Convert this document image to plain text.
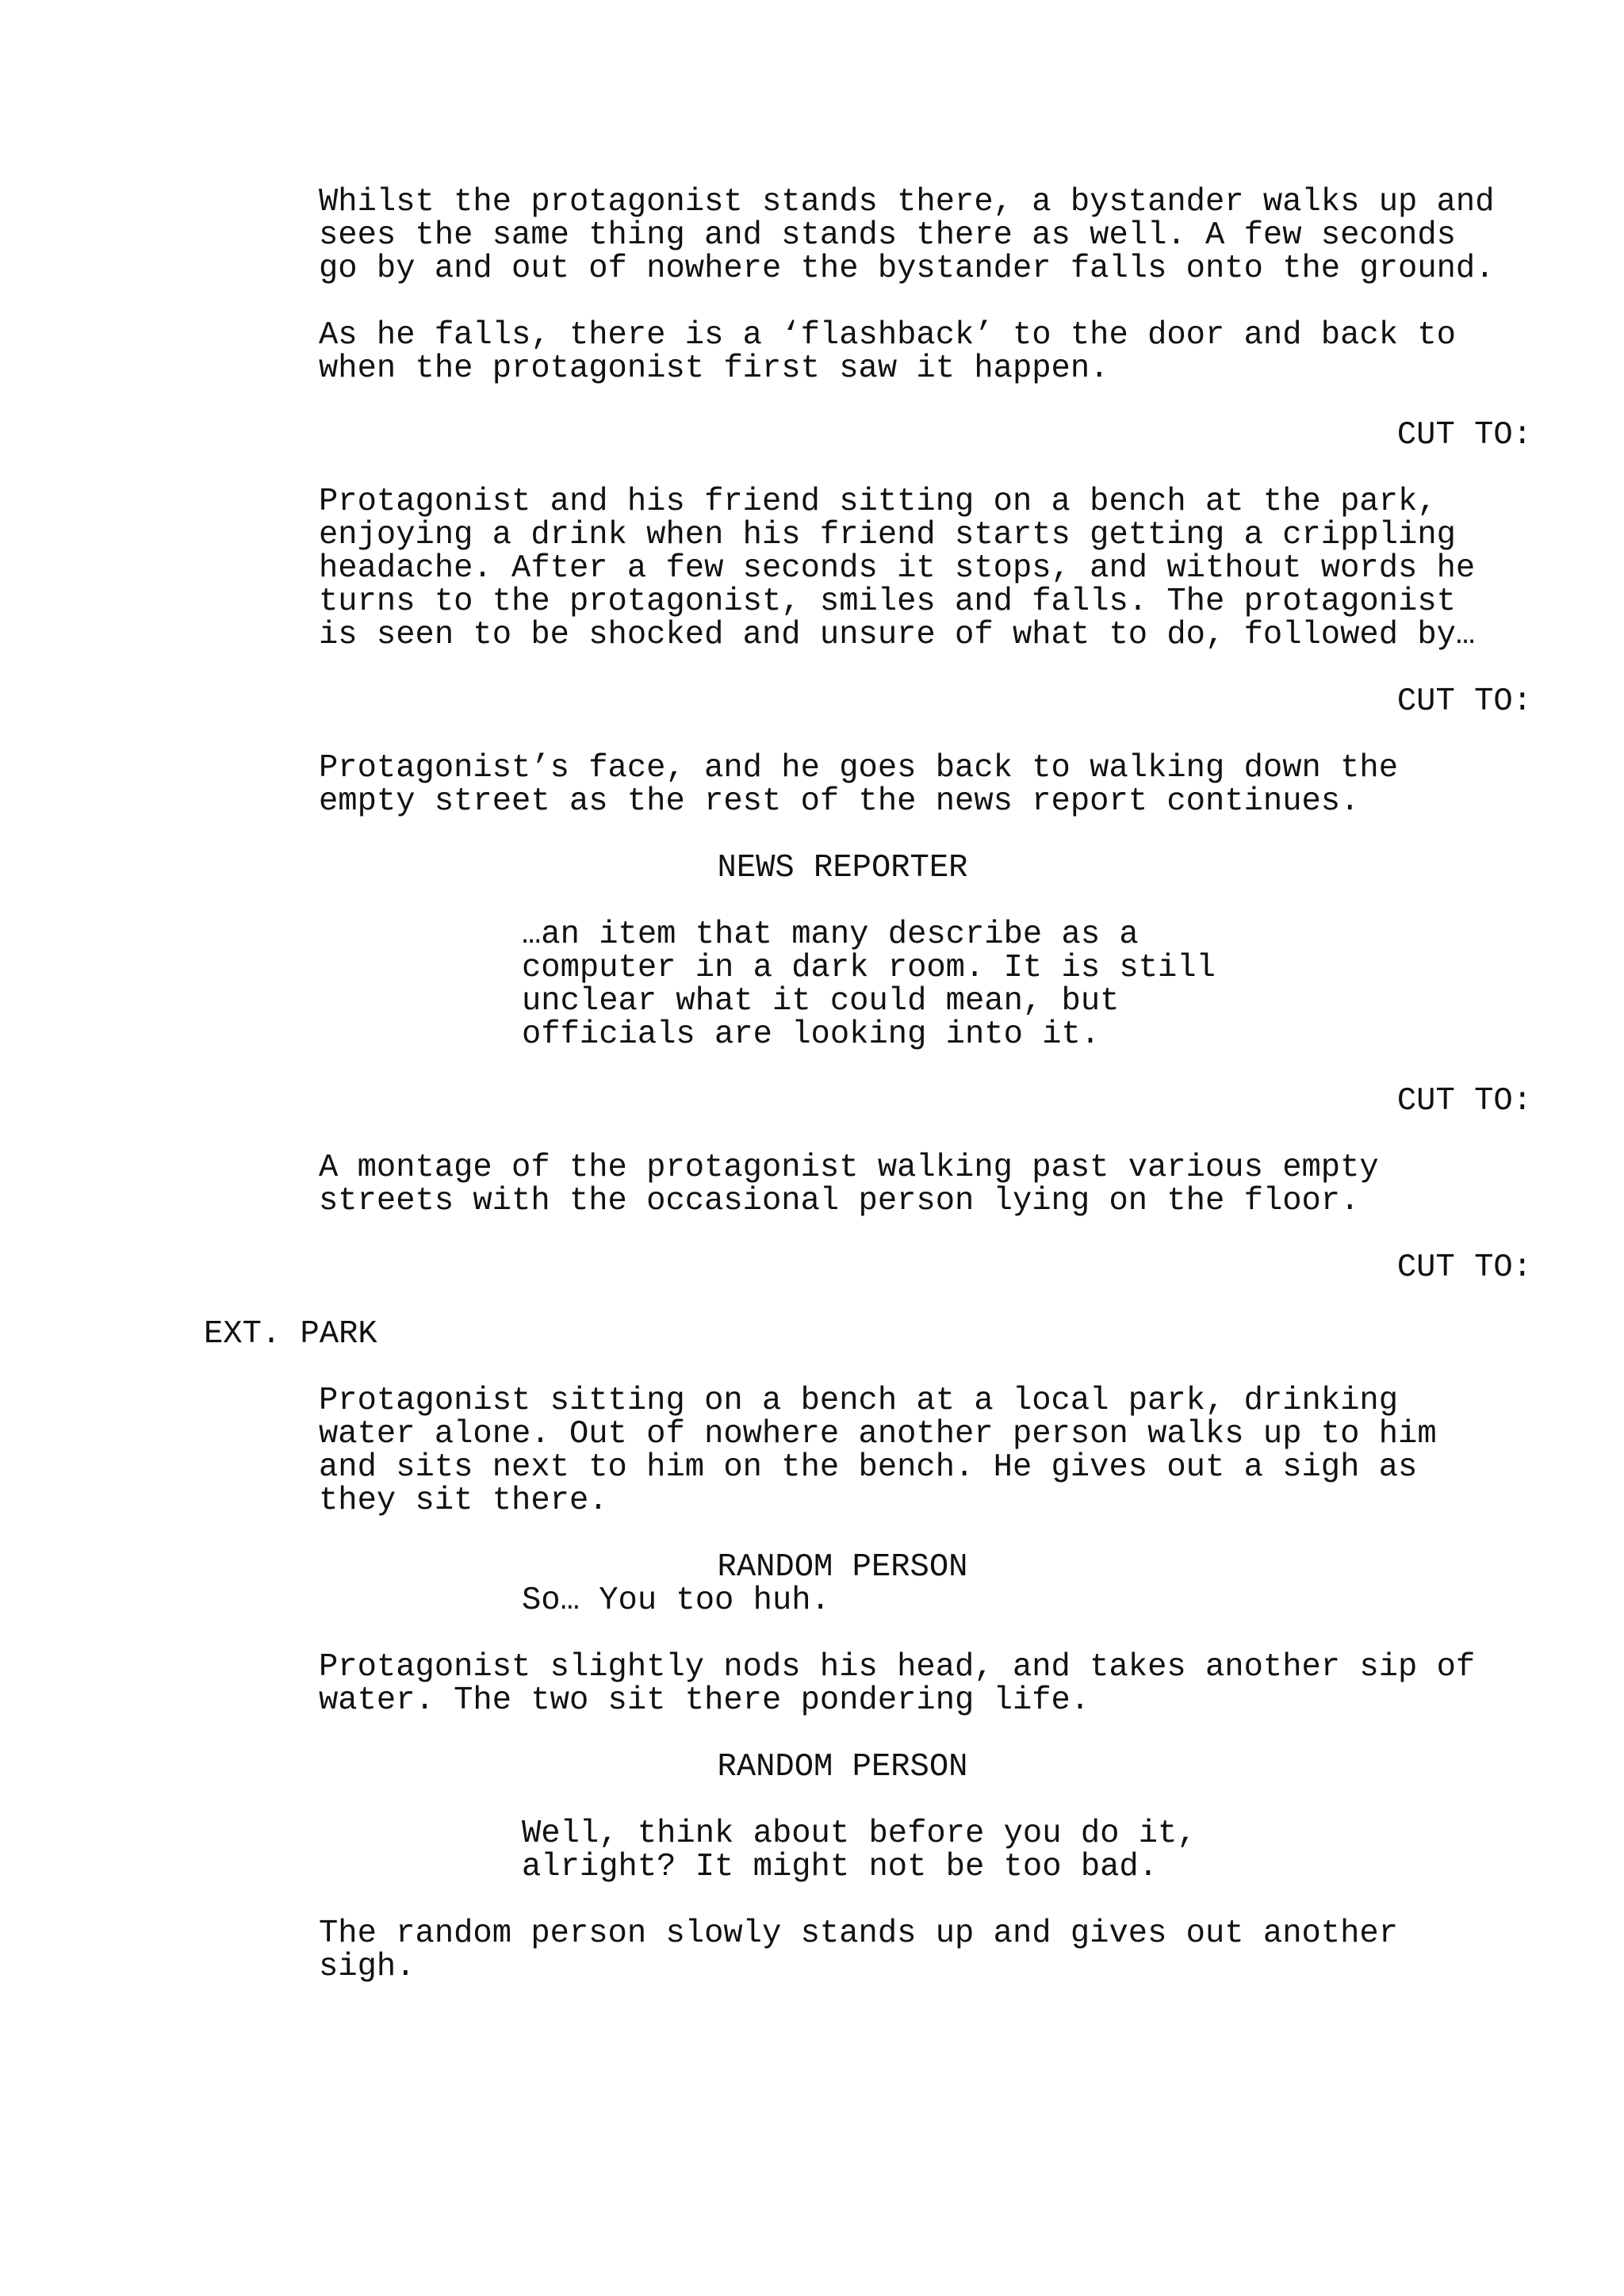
Whilst the protagonist stands there, a bystander walks up and

sees the same thing and stands there as well. A few seconds

go by and out of nowhere the bystander falls onto the ground.

As he falls, there is a ‘flashback’ to the door and back to

when the protagonist first saw it happen.

CUT TO:

Protagonist and his friend sitting on a bench at the park,

enjoying a drink when his friend starts getting a crippling

headache. After a few seconds it stops, and without words he

turns to the protagonist, smiles and falls. The protagonist

is seen to be shocked and unsure of what to do, followed by…

CUT TO:

Protagonist’s face, and he goes back to walking down the

empty street as the rest of the news report continues.

NEWS REPORTER

…an item that many describe as a

computer in a dark room. It is still

unclear what it could mean, but

officials are looking into it.

CUT TO:

A montage of the protagonist walking past various empty

streets with the occasional person lying on the floor.

CUT TO:

EXT. PARK

Protagonist sitting on a bench at a local park, drinking

water alone. Out of nowhere another person walks up to him

and sits next to him on the bench. He gives out a sigh as

they sit there.

RANDOM PERSON

So… You too huh.

Protagonist slightly nods his head, and takes another sip of

water. The two sit there pondering life.

RANDOM PERSON

Well, think about before you do it,

alright? It might not be too bad.

The random person slowly stands up and gives out another

sigh.
